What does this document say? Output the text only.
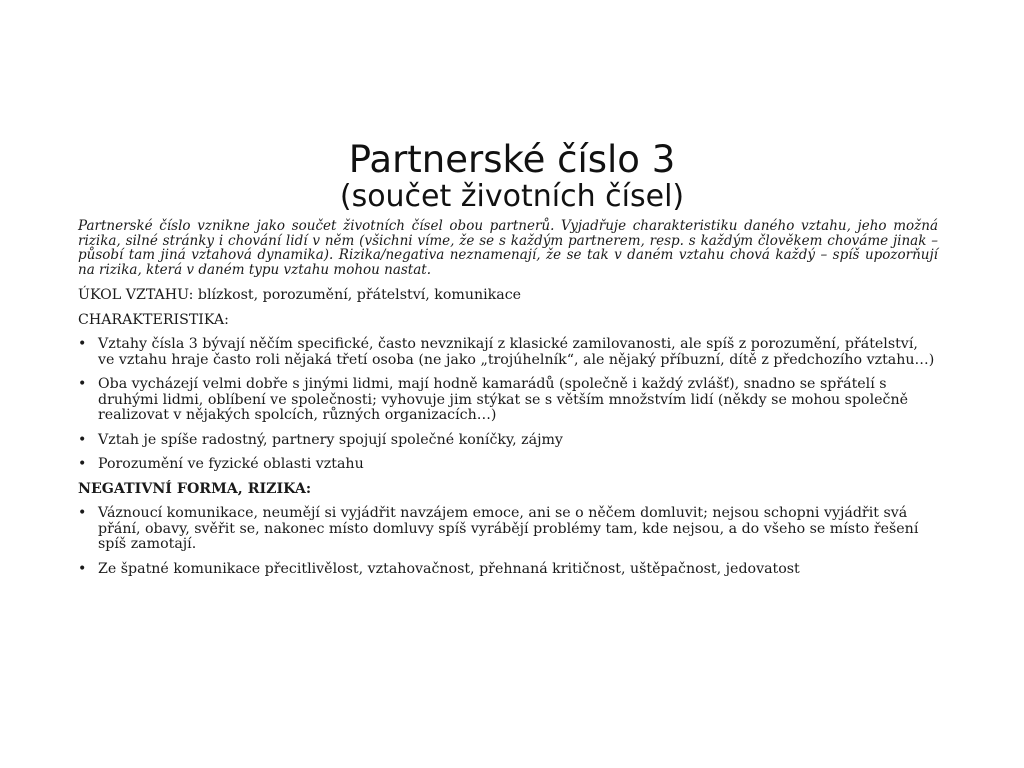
Partnerské číslo 3
(součet životních čísel)

Partnerské číslo vznikne jako součet životních čísel obou partnerů. Vyjadřuje charakteristiku daného vztahu, jeho možná rizika, silné stránky i chování lidí v něm (všichni víme, že se s každým partnerem, resp. s každým člověkem chováme jinak – působí tam jiná vztahová dynamika). Rizika/negativa neznamenají, že se tak v daném vztahu chová každý – spíš upozorňují na rizika, která v daném typu vztahu mohou nastat.

ÚKOL VZTAHU: blízkost, porozumění, přátelství, komunikace

CHARAKTERISTIKA:

• Vztahy čísla 3 bývají něčím specifické, často nevznikají z klasické zamilovanosti, ale spíš z porozumění, přátelství, ve vztahu hraje často roli nějaká třetí osoba (ne jako „trojúhelník“, ale nějaký příbuzní, dítě z předchozího vztahu…)
• Oba vycházejí velmi dobře s jinými lidmi, mají hodně kamarádů (společně i každý zvlášť), snadno se spřátelí s druhými lidmi, oblíbení ve společnosti; vyhovuje jim stýkat se s větším množstvím lidí (někdy se mohou společně realizovat v nějakých spolcích, různých organizacích…)
• Vztah je spíše radostný, partnery spojují společné koníčky, zájmy
• Porozumění ve fyzické oblasti vztahu

NEGATIVNÍ FORMA, RIZIKA:

• Váznoucí komunikace, neumějí si vyjádřit navzájem emoce, ani se o něčem domluvit; nejsou schopni vyjádřit svá přání, obavy, svěřit se, nakonec místo domluvy spíš vyrábějí problémy tam, kde nejsou, a do všeho se místo řešení spíš zamotají.
• Ze špatné komunikace přecitlivělost, vztahovačnost, přehnaná kritičnost, uštěpačnost, jedovatost
